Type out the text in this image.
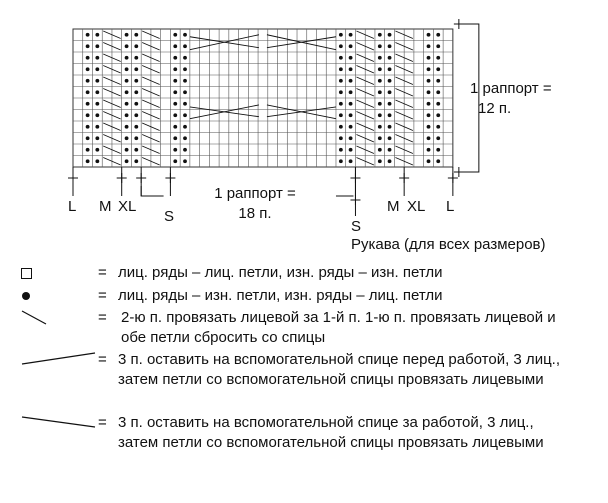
L M XL
S
S
M XL L
1 раппорт =
18 п.
1 раппорт =
12 п.
Рукава (для всех размеров)
= лиц. ряды – лиц. петли, изн. ряды – изн. петли
= лиц. ряды – изн. петли, изн. ряды – лиц. петли
= 2-ю п. провязать лицевой за 1-й п. 1-ю п. провязать лицевой и обе петли сбросить со спицы
= 3 п. оставить на вспомогательной спице перед работой, 3 лиц., затем петли со вспомогательной спицы провязать лицевыми
= 3 п. оставить на вспомогательной спице за работой, 3 лиц., затем петли со вспомогательной спицы провязать лицевыми
